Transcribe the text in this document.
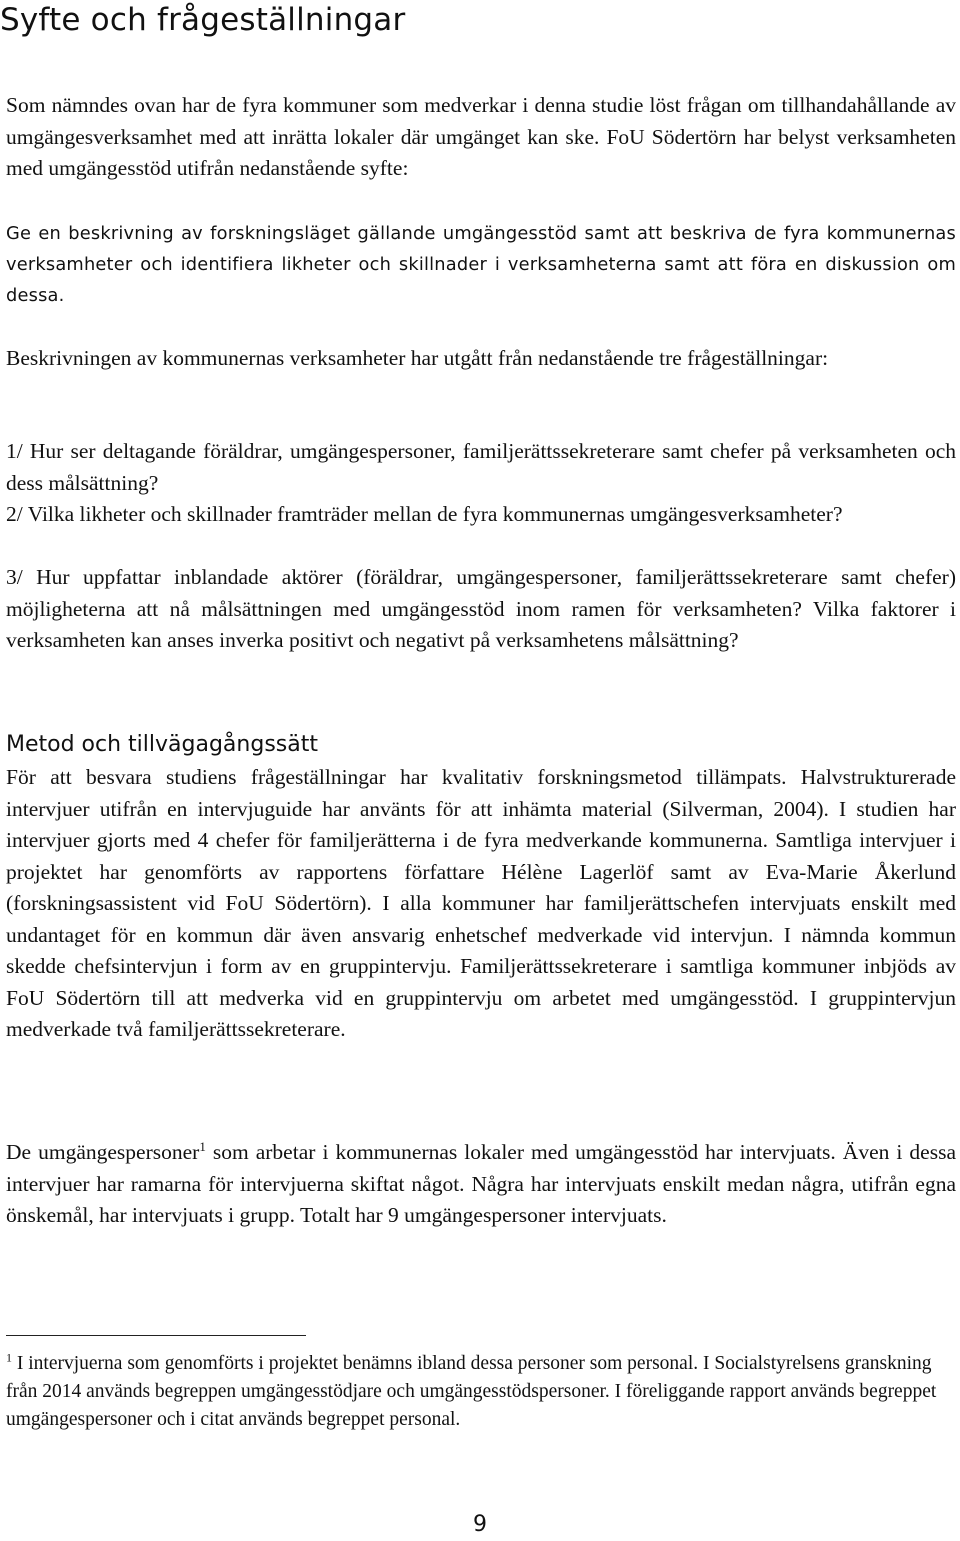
Syfte och frågeställningar

Som nämndes ovan har de fyra kommuner som medverkar i denna studie löst frågan om tillhandahållande av umgängesverksamhet med att inrätta lokaler där umgänget kan ske. FoU Södertörn har belyst verksamheten med umgängesstöd utifrån nedanstående syfte:

Ge en beskrivning av forskningsläget gällande umgängesstöd samt att beskriva de fyra kommunernas verksamheter och identifiera likheter och skillnader i verksamheterna samt att föra en diskussion om dessa.

Beskrivningen av kommunernas verksamheter har utgått från nedanstående tre frågeställningar:

1/ Hur ser deltagande föräldrar, umgängespersoner, familjerättssekreterare samt chefer på verksamheten och dess målsättning?

2/ Vilka likheter och skillnader framträder mellan de fyra kommunernas umgängesverksamheter?

3/ Hur uppfattar inblandade aktörer (föräldrar, umgängespersoner, familjerättssekreterare samt chefer) möjligheterna att nå målsättningen med umgängesstöd inom ramen för verksamheten? Vilka faktorer i verksamheten kan anses inverka positivt och negativt på verksamhetens målsättning?

Metod och tillvägagångssätt

För att besvara studiens frågeställningar har kvalitativ forskningsmetod tillämpats. Halvstrukturerade intervjuer utifrån en intervjuguide har använts för att inhämta material (Silverman, 2004). I studien har intervjuer gjorts med 4 chefer för familjerätterna i de fyra medverkande kommunerna. Samtliga intervjuer i projektet har genomförts av rapportens författare Hélène Lagerlöf samt av Eva-Marie Åkerlund (forskningsassistent vid FoU Södertörn). I alla kommuner har familjerättschefen intervjuats enskilt med undantaget för en kommun där även ansvarig enhetschef medverkade vid intervjun. I nämnda kommun skedde chefsintervjun i form av en gruppintervju. Familjerättssekreterare i samtliga kommuner inbjöds av FoU Södertörn till att medverka vid en gruppintervju om arbetet med umgängesstöd. I gruppintervjun medverkade två familjerättssekreterare.

De umgängespersoner$^1$ som arbetar i kommunernas lokaler med umgängesstöd har intervjuats. Även i dessa intervjuer har ramarna för intervjuerna skiftat något. Några har intervjuats enskilt medan några, utifrån egna önskemål, har intervjuats i grupp. Totalt har 9 umgängespersoner intervjuats.

$^1$ I intervjuerna som genomförts i projektet benämns ibland dessa personer som personal. I Socialstyrelsens granskning från 2014 används begreppen umgängesstödjare och umgängesstödspersoner. I föreliggande rapport används begreppet umgängespersoner och i citat används begreppet personal.

9
